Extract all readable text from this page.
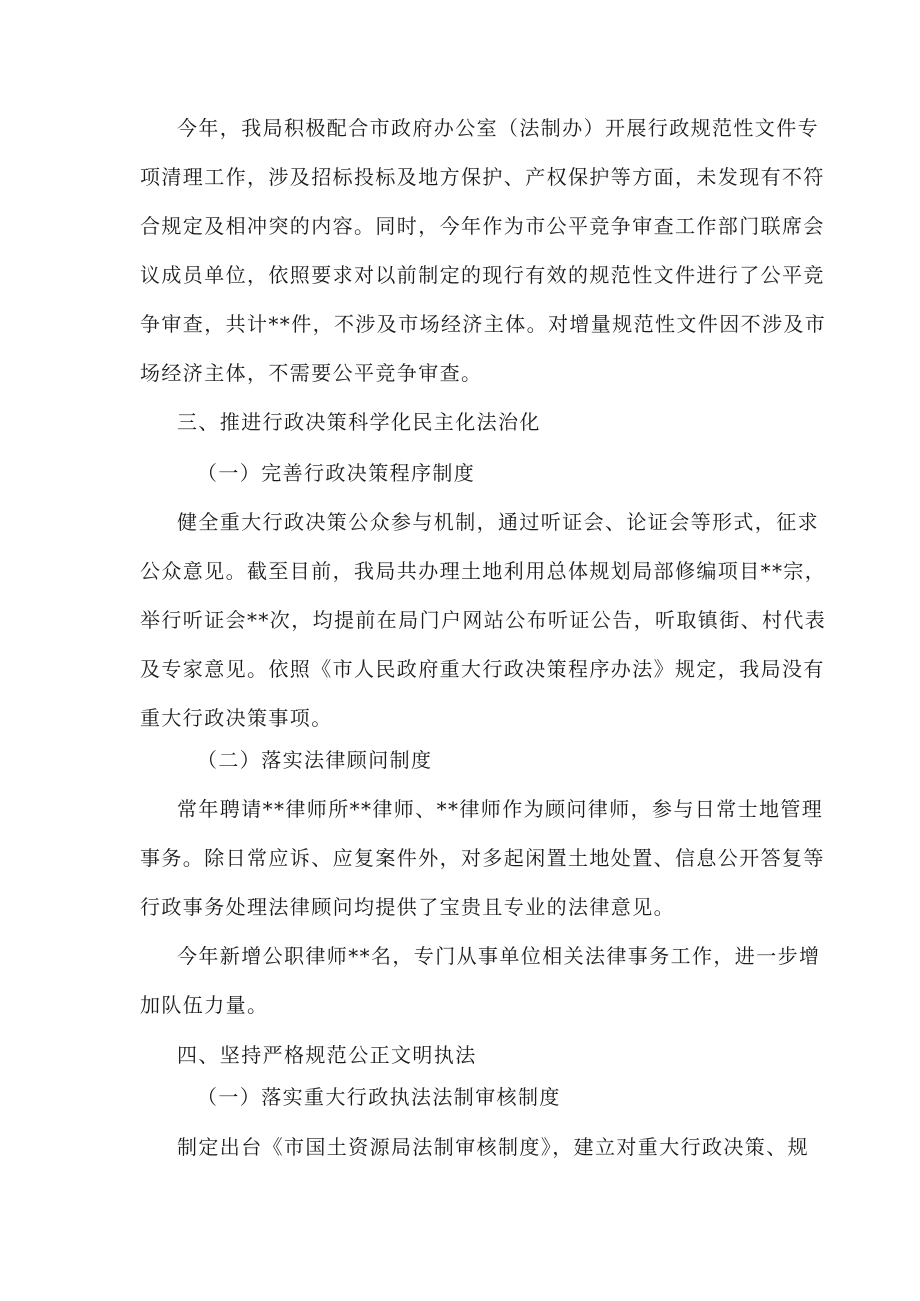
今年，我局积极配合市政府办公室（法制办）开展行政规范性文件专
项清理工作，涉及招标投标及地方保护、产权保护等方面，未发现有不符
合规定及相冲突的内容。同时，今年作为市公平竞争审查工作部门联席会
议成员单位，依照要求对以前制定的现行有效的规范性文件进行了公平竞
争审查，共计**件，不涉及市场经济主体。对增量规范性文件因不涉及市
场经济主体，不需要公平竞争审查。
三、推进行政决策科学化民主化法治化
（一）完善行政决策程序制度
健全重大行政决策公众参与机制，通过听证会、论证会等形式，征求
公众意见。截至目前，我局共办理土地利用总体规划局部修编项目**宗，
举行听证会**次，均提前在局门户网站公布听证公告，听取镇街、村代表
及专家意见。依照《市人民政府重大行政决策程序办法》规定，我局没有
重大行政决策事项。
（二）落实法律顾问制度
常年聘请**律师所**律师、**律师作为顾问律师，参与日常士地管理
事务。除日常应诉、应复案件外，对多起闲置土地处置、信息公开答复等
行政事务处理法律顾问均提供了宝贵且专业的法律意见。
今年新增公职律师**名，专门从事单位相关法律事务工作，进一步增
加队伍力量。
四、坚持严格规范公正文明执法
（一）落实重大行政执法法制审核制度
制定出台《市国土资源局法制审核制度》，建立对重大行政决策、规
